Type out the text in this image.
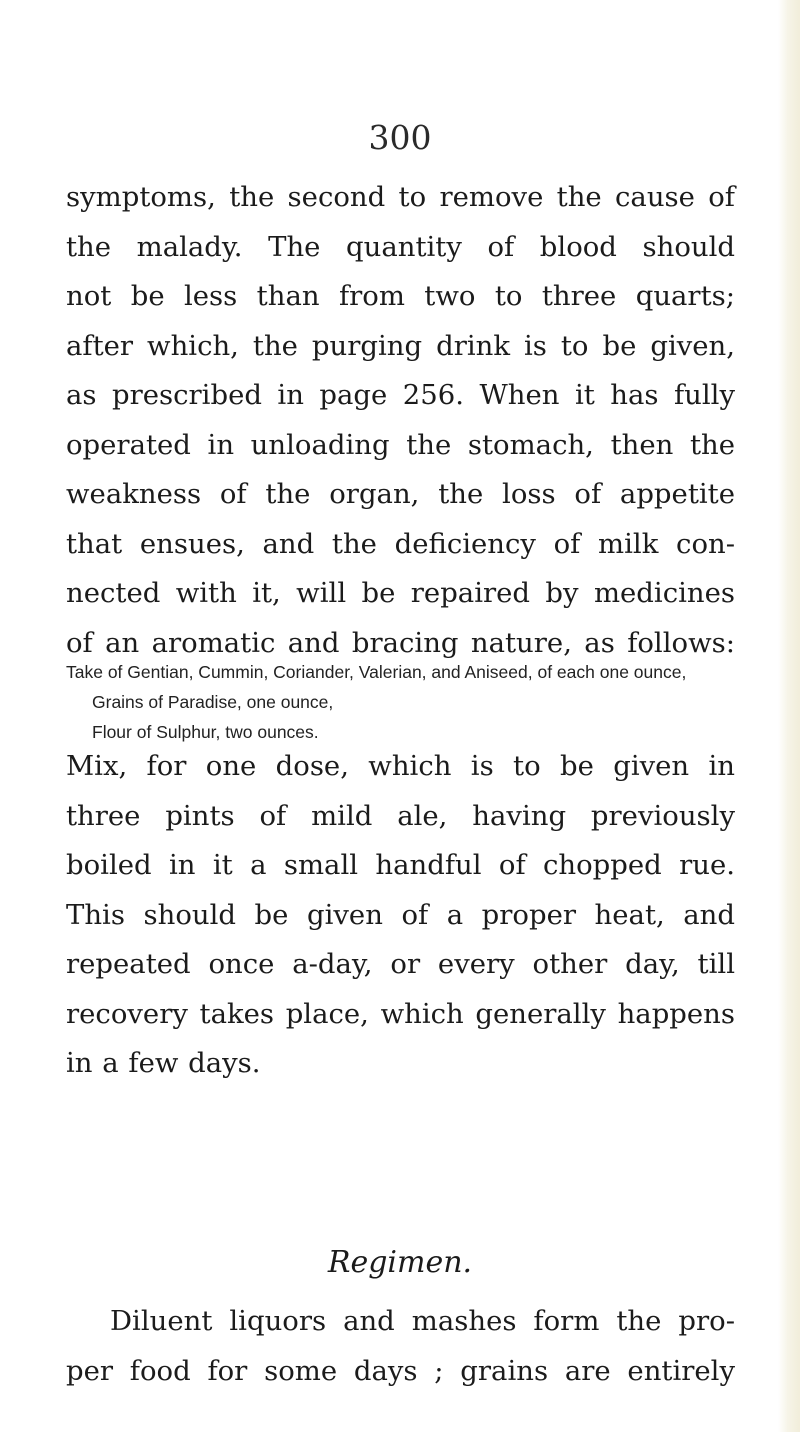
300
symptoms, the second to remove the cause of
the malady. The quantity of blood should
not be less than from two to three quarts;
after which, the purging drink is to be given,
as prescribed in page 256. When it has fully
operated in unloading the stomach, then the
weakness of the organ, the loss of appetite
that ensues, and the deficiency of milk con-
nected with it, will be repaired by medicines
of an aromatic and bracing nature, as follows:
Take of Gentian, Cummin, Coriander, Valerian, and Aniseed, of each one ounce,
Grains of Paradise, one ounce,
Flour of Sulphur, two ounces.
Mix, for one dose, which is to be given in
three pints of mild ale, having previously
boiled in it a small handful of chopped rue.
This should be given of a proper heat, and
repeated once a-day, or every other day, till
recovery takes place, which generally happens
in a few days.
Regimen.
Diluent liquors and mashes form the pro-
per food for some days ; grains are entirely
